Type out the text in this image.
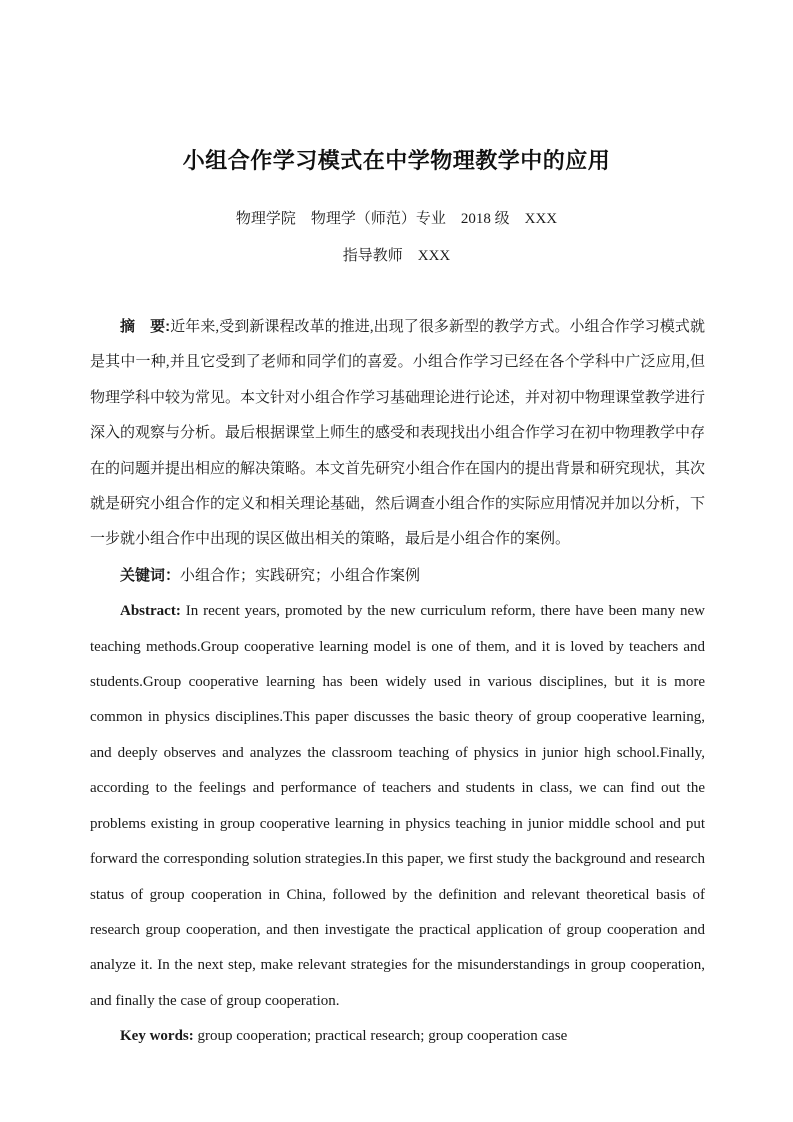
小组合作学习模式在中学物理教学中的应用
物理学院　物理学（师范）专业　2018 级　XXX
指导教师　XXX

摘　要:近年来,受到新课程改革的推进,出现了很多新型的教学方式。小组合作学习模式就是其中一种,并且它受到了老师和同学们的喜爱。小组合作学习已经在各个学科中广泛应用,但物理学科中较为常见。本文针对小组合作学习基础理论进行论述，并对初中物理课堂教学进行深入的观察与分析。最后根据课堂上师生的感受和表现找出小组合作学习在初中物理教学中存在的问题并提出相应的解决策略。本文首先研究小组合作在国内的提出背景和研究现状，其次就是研究小组合作的定义和相关理论基础，然后调查小组合作的实际应用情况并加以分析，下一步就小组合作中出现的误区做出相关的策略，最后是小组合作的案例。

关键词：小组合作；实践研究；小组合作案例

Abstract: In recent years, promoted by the new curriculum reform, there have been many new teaching methods.Group cooperative learning model is one of them, and it is loved by teachers and students.Group cooperative learning has been widely used in various disciplines, but it is more common in physics disciplines.This paper discusses the basic theory of group cooperative learning, and deeply observes and analyzes the classroom teaching of physics in junior high school.Finally, according to the feelings and performance of teachers and students in class, we can find out the problems existing in group cooperative learning in physics teaching in junior middle school and put forward the corresponding solution strategies.In this paper, we first study the background and research status of group cooperation in China, followed by the definition and relevant theoretical basis of research group cooperation, and then investigate the practical application of group cooperation and analyze it. In the next step, make relevant strategies for the misunderstandings in group cooperation, and finally the case of group cooperation.

Key words: group cooperation; practical research; group cooperation case
